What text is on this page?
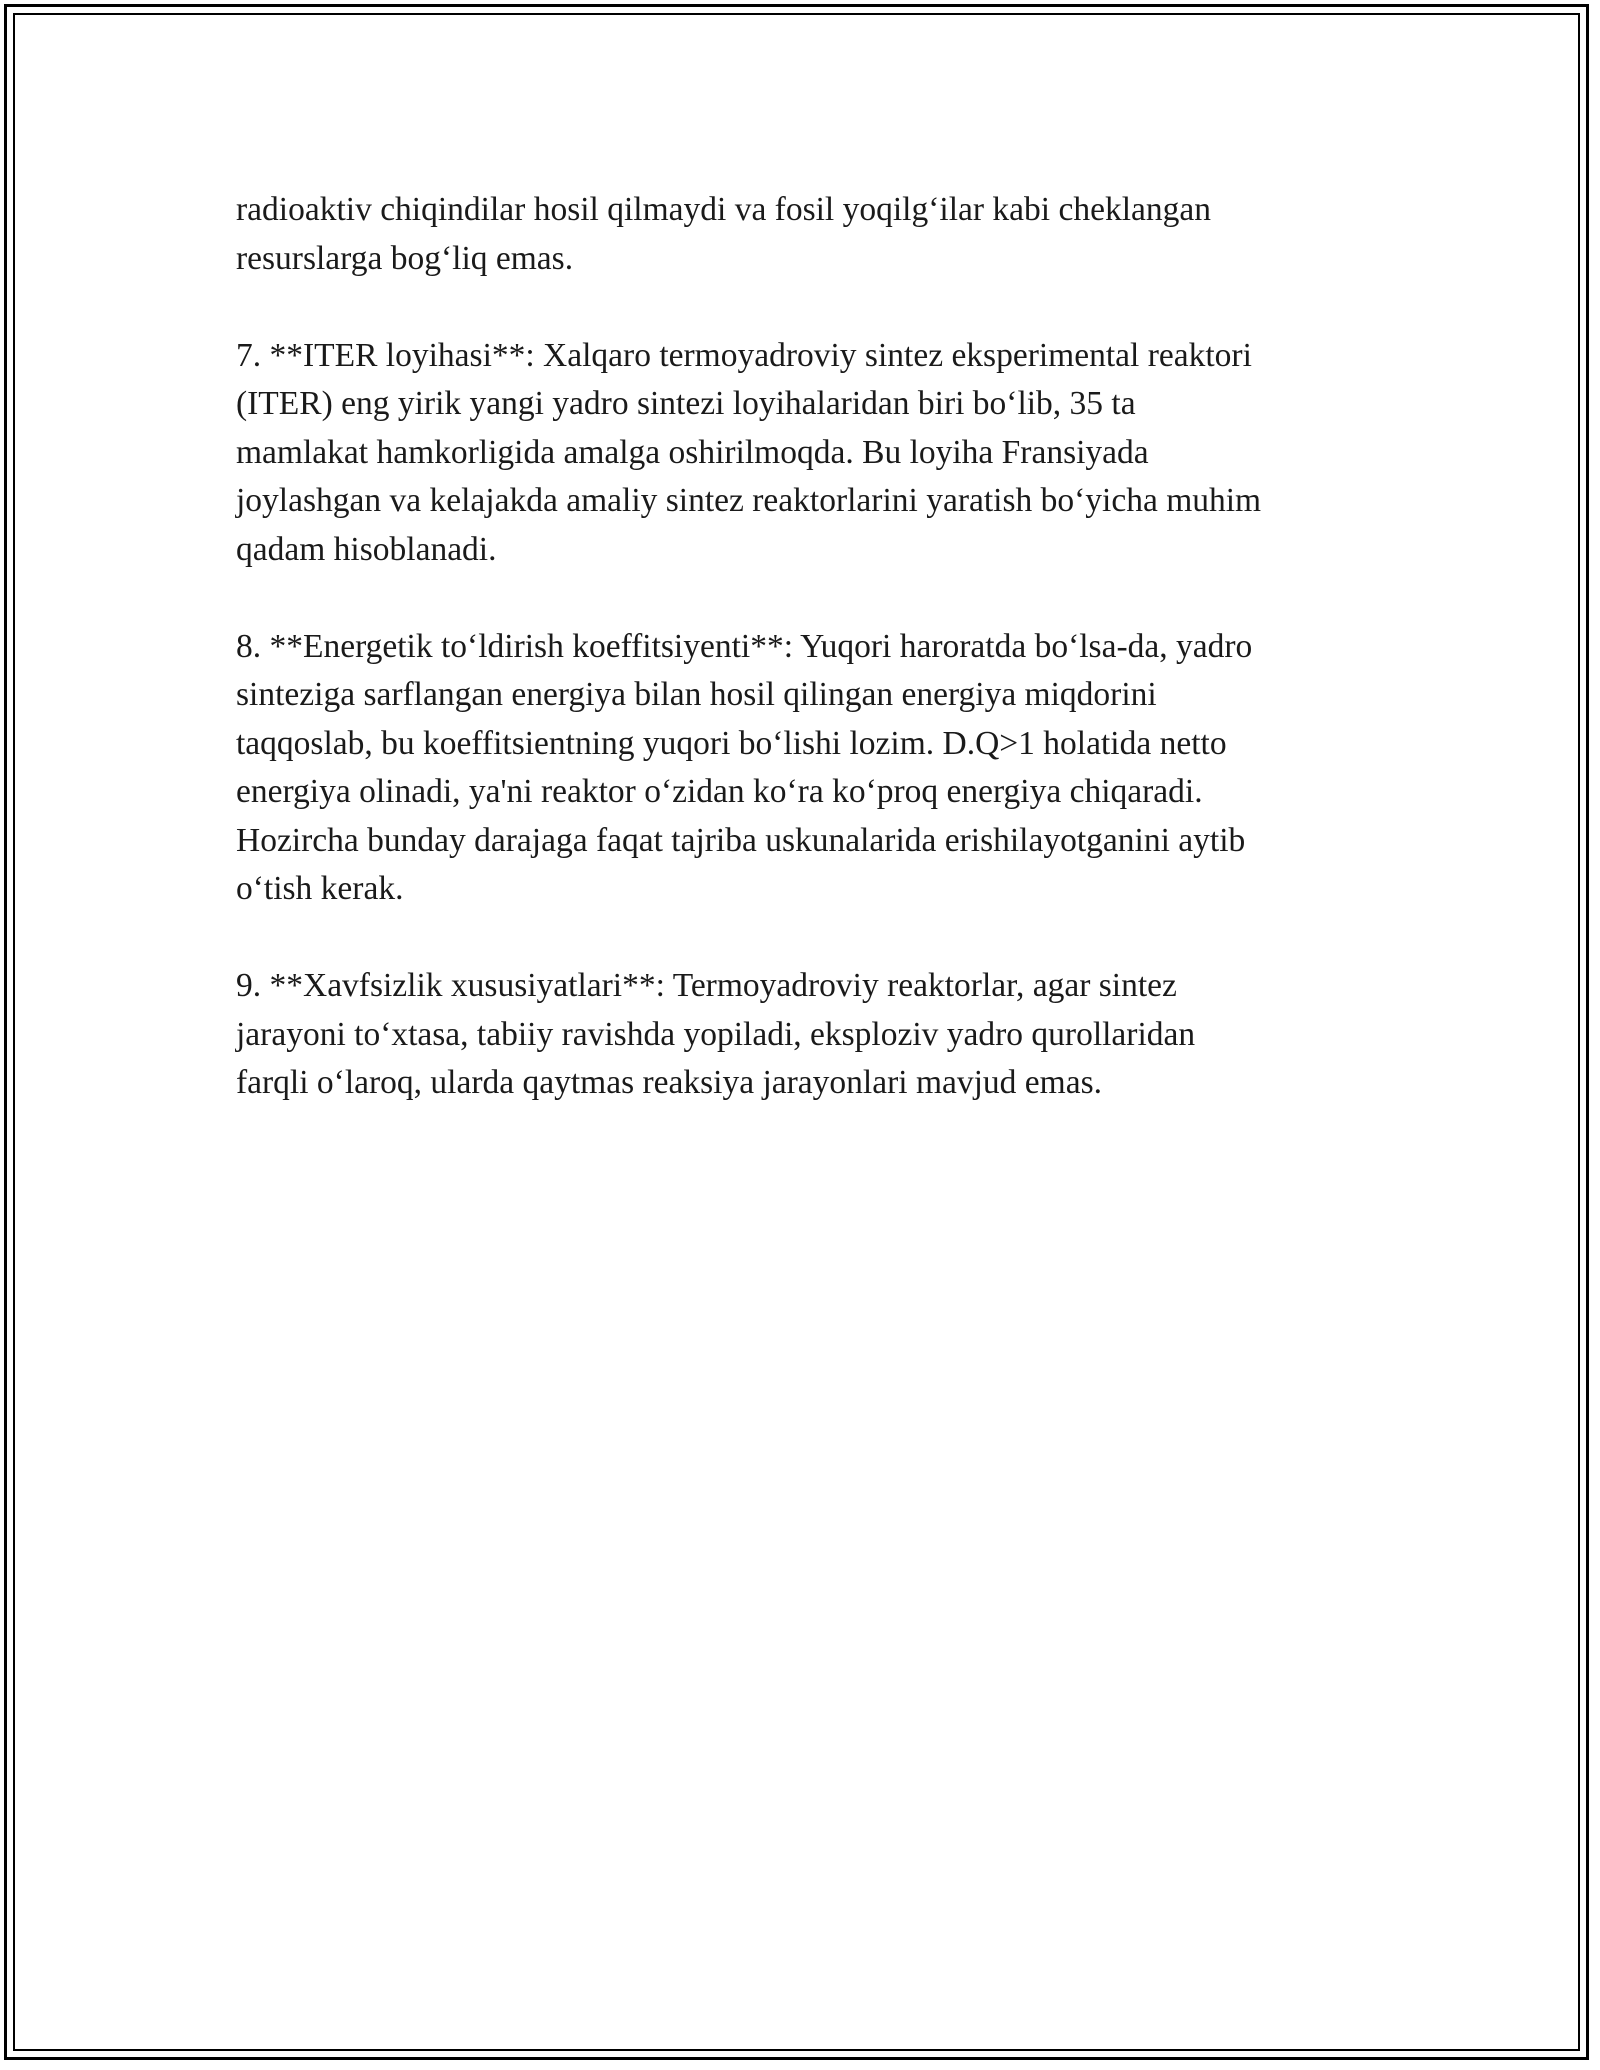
radioaktiv chiqindilar hosil qilmaydi va fosil yoqilg‘ilar kabi cheklangan
resurslarga bog‘liq emas.

7. **ITER loyihasi**: Xalqaro termoyadroviy sintez eksperimental reaktori
(ITER) eng yirik yangi yadro sintezi loyihalaridan biri bo‘lib, 35 ta
mamlakat hamkorligida amalga oshirilmoqda. Bu loyiha Fransiyada
joylashgan va kelajakda amaliy sintez reaktorlarini yaratish bo‘yicha muhim
qadam hisoblanadi.

8. **Energetik to‘ldirish koeffitsiyenti**: Yuqori haroratda bo‘lsa-da, yadro
sinteziga sarflangan energiya bilan hosil qilingan energiya miqdorini
taqqoslab, bu koeffitsientning yuqori bo‘lishi lozim. D.Q>1 holatida netto
energiya olinadi, ya'ni reaktor o‘zidan ko‘ra ko‘proq energiya chiqaradi.
Hozircha bunday darajaga faqat tajriba uskunalarida erishilayotganini aytib
o‘tish kerak.

9. **Xavfsizlik xususiyatlari**: Termoyadroviy reaktorlar, agar sintez
jarayoni to‘xtasa, tabiiy ravishda yopiladi, eksploziv yadro qurollaridan
farqli o‘laroq, ularda qaytmas reaksiya jarayonlari mavjud emas.
